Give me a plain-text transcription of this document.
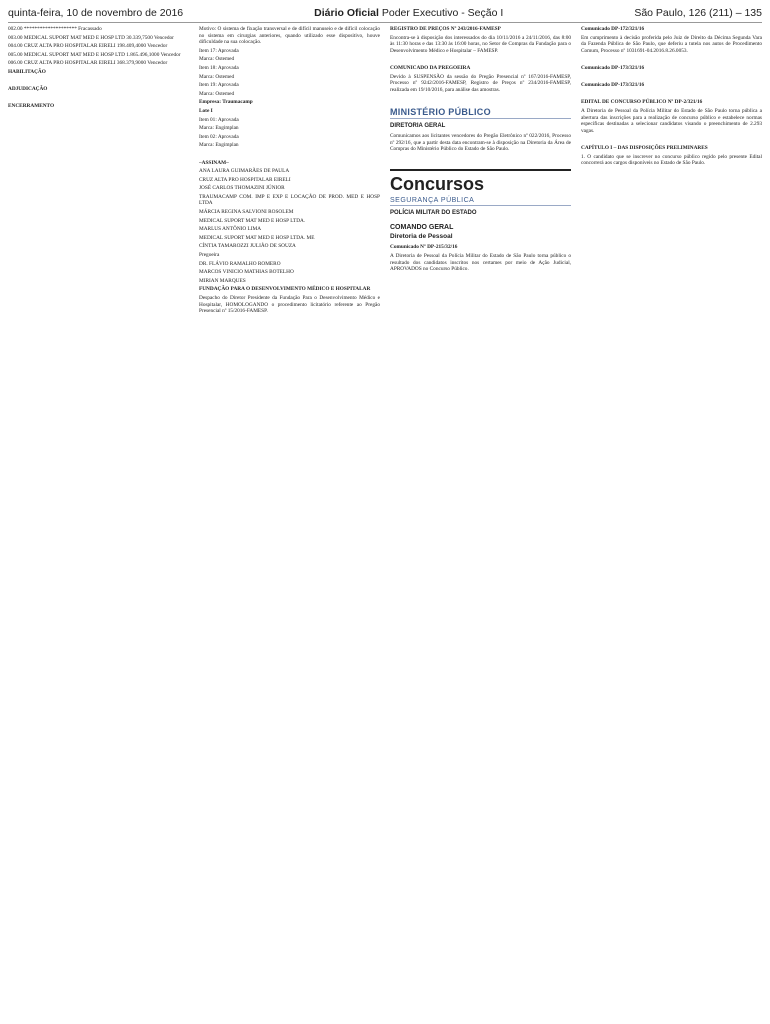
quinta-feira, 10 de novembro de 2016	Diário Oficial Poder Executivo - Seção I	São Paulo, 126 (211) – 135

002.00 ******************** Fracassado

003.00 MEDICAL SUPORT MAT MED E HOSP LTD 30.339,7500 Vencedor

004.00 CRUZ ALTA PRO HOSPITALAR EIRELI 198.409,4000 Vencedor

005.00 MEDICAL SUPORT MAT MED E HOSP LTD 1.865.496,1000 Vencedor

006.00 CRUZ ALTA PRO HOSPITALAR EIRELI 368.379,9000 Vencedor

HABILITAÇÃO

ADJUDICAÇÃO

ENCERRAMENTO

Motivo: O sistema de fixação transversal e de difícil manuseio e de difícil colocação no sistema em cirurgias anteriores, quando utilizado esse dispositivo, houve dificuldade na sua colocação.

Item 17: Aprovada

Marca: Ostemed

Item 18: Aprovada

Marca: Ostemed

Item 19: Aprovada

Marca: Ostemed

Empresa: Traumacamp

Lote I

Item 01: Aprovada

Marca: Engimplan

Item 02: Aprovada

Marca: Engimplan

–ASSINAM–

ANA LAURA GUIMARÃES DE PAULA

CRUZ ALTA PRO HOSPITALAR EIRELI

JOSÉ CARLOS THOMAZINI JÚNIOR

TRAUMACAMP COM. IMP E EXP E LOCAÇÃO DE PROD. MED E HOSP LTDA

MÁRCIA REGINA SALVIONI ROSOLEM

MEDICAL SUPORT MAT MED E HOSP LTDA.

MARLUS ANTÔNIO LIMA

MEDICAL SUPORT MAT MED E HOSP LTDA. ME

CÍNTIA TAMAROZZI JULIÃO DE SOUZA

Pregoeira

DR. FLÁVIO RAMALHO ROMERO

MARCOS VINICIO MATHIAS BOTELHO

MIRIAN MARQUES

FUNDAÇÃO PARA O DESENVOLVIMENTO MÉDICO E HOSPITALAR

Despacho do Diretor Presidente da Fundação Para o Desenvolvimento Médico e Hospitalar, HOMOLOGANDO o procedimento licitatório referente ao Pregão Presencial nº 15/2016-FAMESP.

REGISTRO DE PREÇOS Nº 243/2016-FAMESP

Encontra-se à disposição dos interessados do dia 10/11/2016 a 24/11/2016, das 8:00 às 11:30 horas e das 13:30 às 16:00 horas, no Setor de Compras da Fundação para o Desenvolvimento Médico e Hospitalar – FAMESP.

COMUNICADO DA PREGOEIRA

Devido à SUSPENSÃO da sessão do Pregão Presencial nº 167/2016-FAMESP, Processo nº 9242/2016-FAMESP, Registro de Preços nº 234/2016-FAMESP, realizada em 19/10/2016, para análise das amostras.

MINISTÉRIO PÚBLICO
DIRETORIA GERAL

Comunicamos aos licitantes vencedores do Pregão Eletrônico nº 022/2016, Processo nº 292/16, que a partir desta data encontram-se à disposição na Diretoria da Área de Compras do Ministério Público do Estado de São Paulo.

Concursos
SEGURANÇA PÚBLICA
POLÍCIA MILITAR DO ESTADO
COMANDO GERAL
Diretoria de Pessoal

Comunicado Nº DP-215/32/16

A Diretoria de Pessoal da Polícia Militar do Estado de São Paulo torna público o resultado dos candidatos inscritos nos certames por meio de Ação Judicial, APROVADOS no Concurso Público.

Comunicado DP-172/321/16

Em cumprimento à decisão proferida pelo Juiz de Direito da Décima Segunda Vara da Fazenda Pública de São Paulo, que deferiu a tutela nos autos de Procedimento Comum, Processo nº 1031691-04.2016.8.26.0053.

Comunicado DP-173/321/16

Comunicado DP-173/321/16

EDITAL DE CONCURSO PÚBLICO Nº DP-2/321/16

A Diretoria de Pessoal da Polícia Militar do Estado de São Paulo torna pública a abertura das inscrições para a realização de concurso público e estabelece normas específicas destinadas a selecionar candidatos visando o preenchimento de 2.293 vagas.

CAPÍTULO I – DAS DISPOSIÇÕES PRELIMINARES

1. O candidato que se inscrever no concurso público regido pelo presente Edital concorrerá aos cargos disponíveis no Estado de São Paulo.
